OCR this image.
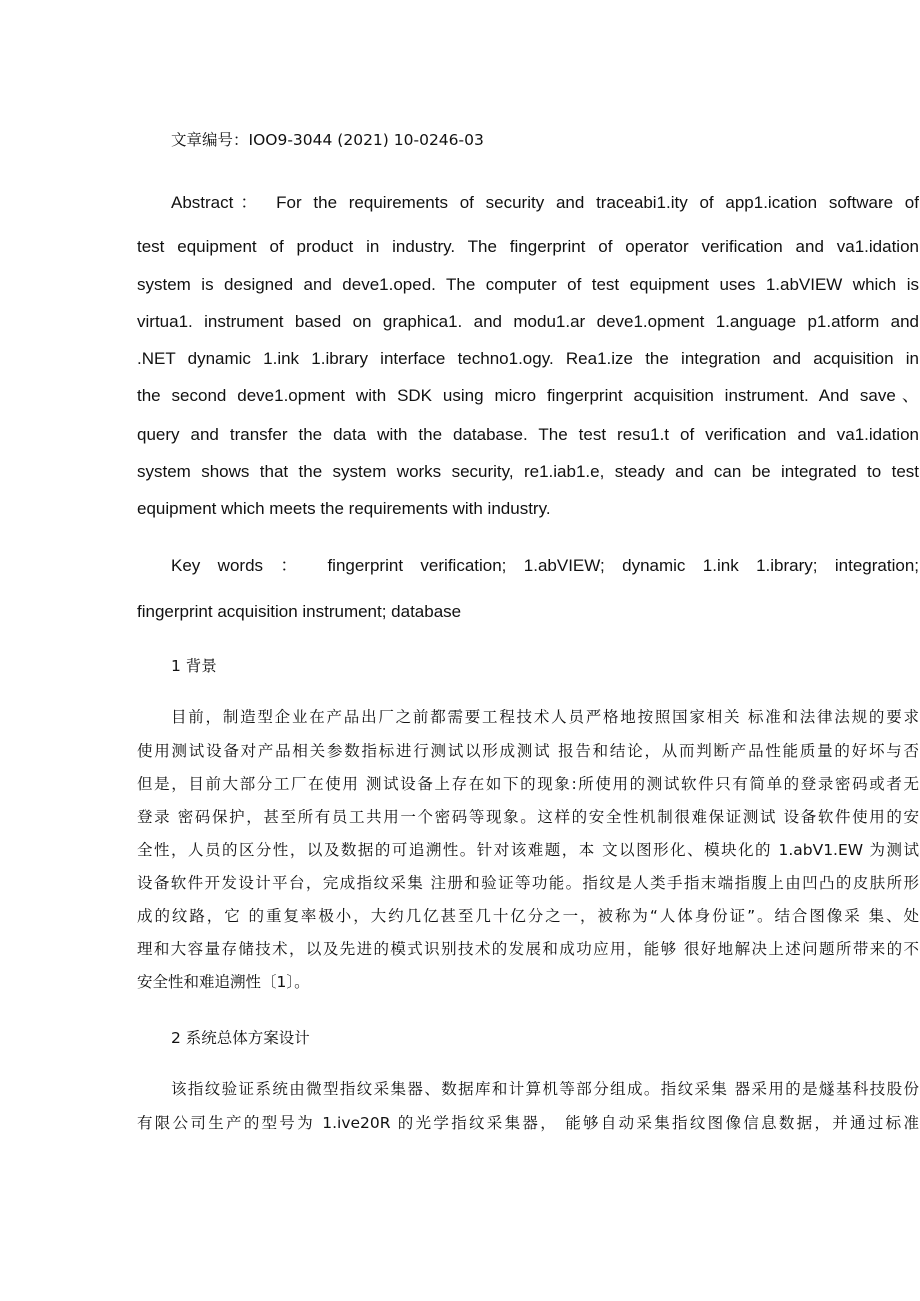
文章编号：IOO9-3044 (2021) 10-0246-03
Abstract： For the requirements of security and traceabi1.ity of app1.ication software of
test equipment of product in industry. The fingerprint of operator verification and va1.idation
system is designed and deve1.oped. The computer of test equipment uses 1.abVIEW which is
virtua1. instrument based on graphica1. and modu1.ar deve1.opment 1.anguage p1.atform and
.NET dynamic 1.ink 1.ibrary interface techno1.ogy. Rea1.ize the integration and acquisition in
the second deve1.opment with SDK using micro fingerprint acquisition instrument. And save、
query and transfer the data with the database. The test resu1.t of verification and va1.idation
system shows that the system works security, re1.iab1.e, steady and can be integrated to test
equipment which meets the requirements with industry.
Key words ： fingerprint verification; 1.abVIEW; dynamic 1.ink 1.ibrary; integration;
fingerprint acquisition instrument; database
1 背景
目前，制造型企业在产品出厂之前都需要工程技术人员严格地按照国家相关 标准和法律法规的要求
使用测试设备对产品相关参数指标进行测试以形成测试 报告和结论，从而判断产品性能质量的好坏与否
但是，目前大部分工厂在使用 测试设备上存在如下的现象:所使用的测试软件只有简单的登录密码或者无
登录 密码保护，甚至所有员工共用一个密码等现象。这样的安全性机制很难保证测试 设备软件使用的安
全性，人员的区分性，以及数据的可追溯性。针对该难题，本 文以图形化、模块化的 1.abV1.EW 为测试
设备软件开发设计平台，完成指纹采集 注册和验证等功能。指纹是人类手指末端指腹上由凹凸的皮肤所形
成的纹路，它 的重复率极小，大约几亿甚至几十亿分之一，被称为“人体身份证”。结合图像采 集、处
理和大容量存储技术，以及先进的模式识别技术的发展和成功应用，能够 很好地解决上述问题所带来的不
安全性和难追溯性〔1〕。
2 系统总体方案设计
该指纹验证系统由微型指纹采集器、数据库和计算机等部分组成。指纹采集 器采用的是燧基科技股份
有限公司生产的型号为 1.ive20R 的光学指纹采集器， 能够自动采集指纹图像信息数据，并通过标准
